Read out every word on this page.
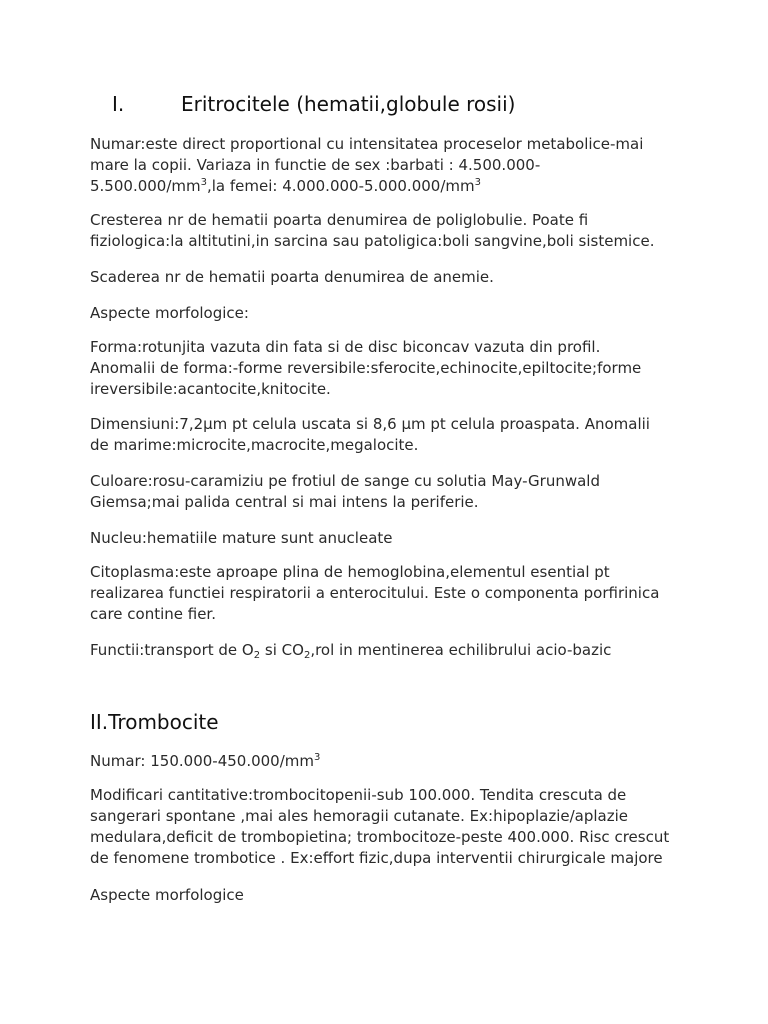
I.	Eritrocitele (hematii,globule rosii)
Numar:este direct proportional cu intensitatea proceselor metabolice-mai
mare la copii. Variaza in functie de sex :barbati : 4.500.000-
$5.500.000/mm^3,la$ femei: $4.000.000-5.000.000/mm^3$
Cresterea nr de hematii poarta denumirea de poliglobulie. Poate fi
fiziologica:la altitutini,in sarcina sau patoligica:boli sangvine,boli sistemice.
Scaderea nr de hematii poarta denumirea de anemie.
Aspecte morfologice:
Forma:rotunjita vazuta din fata si de disc biconcav vazuta din profil.
Anomalii de forma:-forme reversibile:sferocite,echinocite,epiltocite;forme
ireversibile:acantocite,knitocite.
Dimensiuni:7,2µm pt celula uscata si 8,6 µm pt celula proaspata. Anomalii
de marime:microcite,macrocite,megalocite.
Culoare:rosu-caramiziu pe frotiul de sange cu solutia May-Grunwald
Giemsa;mai palida central si mai intens la periferie.
Nucleu:hematiile mature sunt anucleate
Citoplasma:este aproape plina de hemoglobina,elementul esential pt
realizarea functiei respiratorii a enterocitului. Este o componenta porfirinica
care contine fier.
Functii:transport de $O_2$ si $CO_2,rol$ in mentinerea echilibrului acio-bazic
II.Trombocite
Numar: $150.000-450.000/mm^3$
Modificari cantitative:trombocitopenii-sub 100.000. Tendita crescuta de
sangerari spontane ,mai ales hemoragii cutanate. Ex:hipoplazie/aplazie
medulara,deficit de trombopietina; trombocitoze-peste 400.000. Risc crescut
de fenomene trombotice . Ex:effort fizic,dupa interventii chirurgicale majore
Aspecte morfologice
